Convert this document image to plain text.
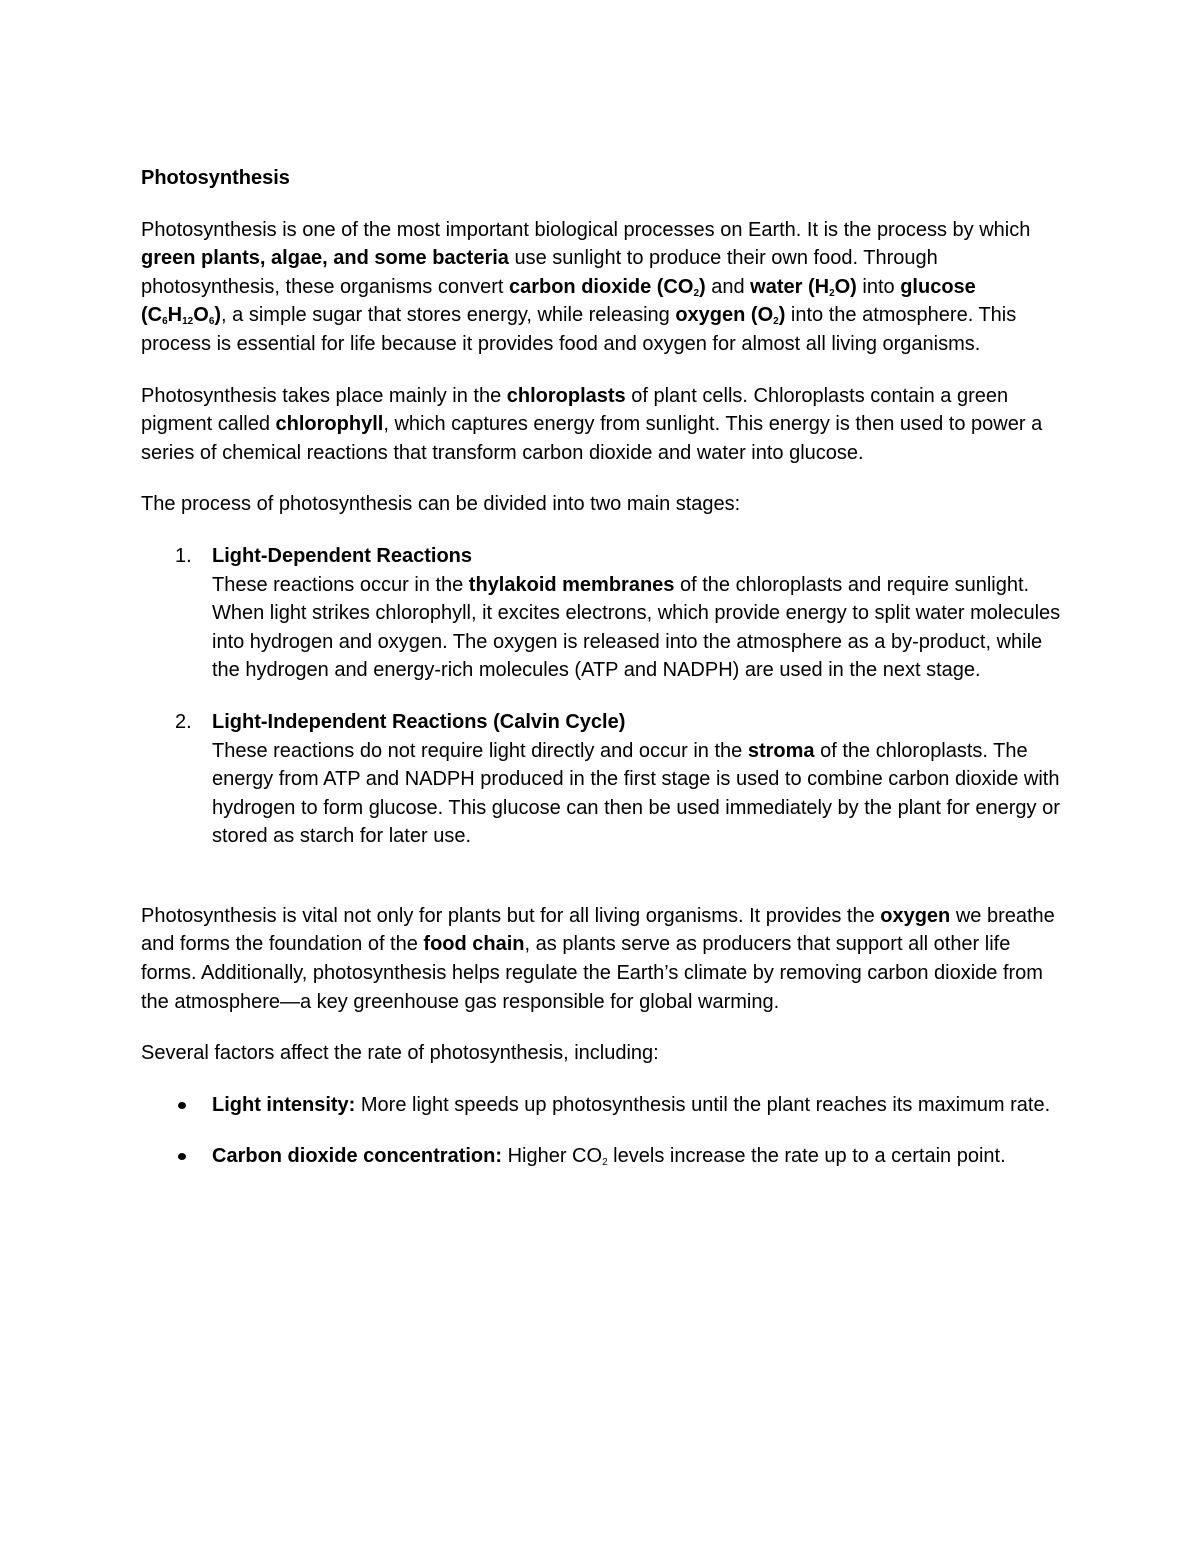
Photosynthesis

Photosynthesis is one of the most important biological processes on Earth. It is the process by which green plants, algae, and some bacteria use sunlight to produce their own food. Through photosynthesis, these organisms convert carbon dioxide $(CO_2)$ and water $(H_2O)$ into glucose $(C_6H_{12}O_6)$, a simple sugar that stores energy, while releasing oxygen $(O_2)$ into the atmosphere. This process is essential for life because it provides food and oxygen for almost all living organisms.

Photosynthesis takes place mainly in the chloroplasts of plant cells. Chloroplasts contain a green pigment called chlorophyll, which captures energy from sunlight. This energy is then used to power a series of chemical reactions that transform carbon dioxide and water into glucose.

The process of photosynthesis can be divided into two main stages:

1. Light-Dependent Reactions
These reactions occur in the thylakoid membranes of the chloroplasts and require sunlight. When light strikes chlorophyll, it excites electrons, which provide energy to split water molecules into hydrogen and oxygen. The oxygen is released into the atmosphere as a by-product, while the hydrogen and energy-rich molecules (ATP and NADPH) are used in the next stage.
2. Light-Independent Reactions (Calvin Cycle)
These reactions do not require light directly and occur in the stroma of the chloroplasts. The energy from ATP and NADPH produced in the first stage is used to combine carbon dioxide with hydrogen to form glucose. This glucose can then be used immediately by the plant for energy or stored as starch for later use.

Photosynthesis is vital not only for plants but for all living organisms. It provides the oxygen we breathe and forms the foundation of the food chain, as plants serve as producers that support all other life forms. Additionally, photosynthesis helps regulate the Earth’s climate by removing carbon dioxide from the atmosphere—a key greenhouse gas responsible for global warming.

Several factors affect the rate of photosynthesis, including:

Light intensity: More light speeds up photosynthesis until the plant reaches its maximum rate.
Carbon dioxide concentration: Higher $CO_2$ levels increase the rate up to a certain point.
